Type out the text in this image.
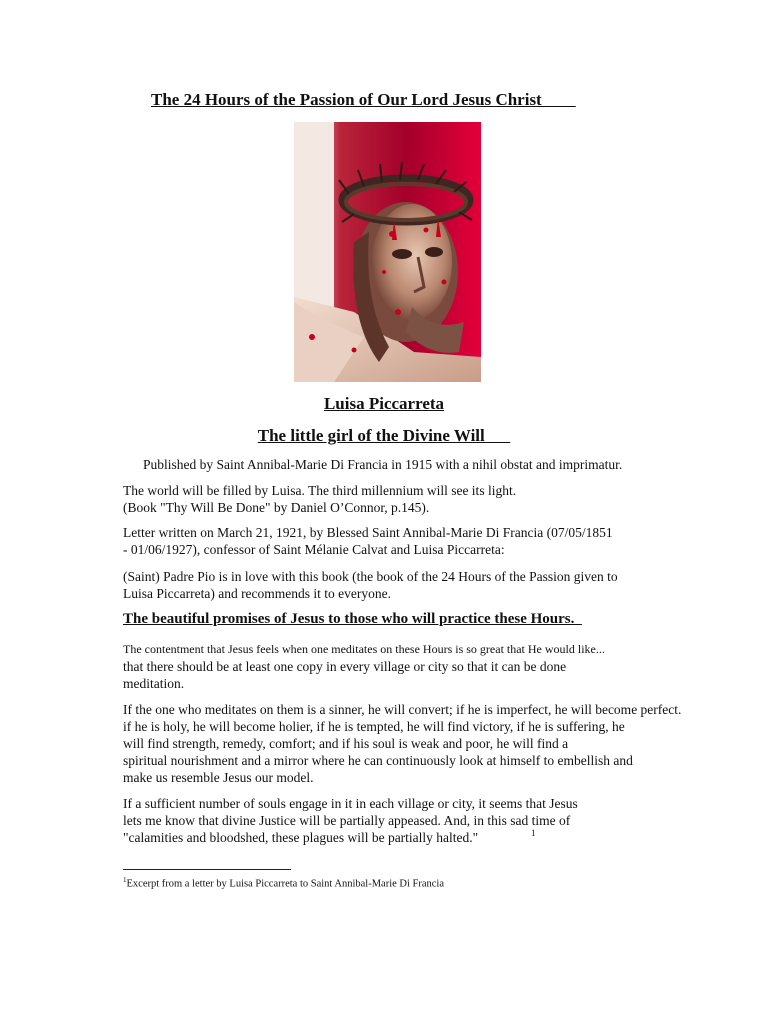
The 24 Hours of the Passion of Our Lord Jesus Christ
Luisa Piccarreta
The little girl of the Divine Will

Published by Saint Annibal-Marie Di Francia in 1915 with a nihil obstat and imprimatur.

The world will be filled by Luisa. The third millennium will see its light.
(Book "Thy Will Be Done" by Daniel O’Connor, p.145).

Letter written on March 21, 1921, by Blessed Saint Annibal-Marie Di Francia (07/05/1851
- 01/06/1927), confessor of Saint Mélanie Calvat and Luisa Piccarreta:

(Saint) Padre Pio is in love with this book (the book of the 24 Hours of the Passion given to
Luisa Piccarreta) and recommends it to everyone.

The beautiful promises of Jesus to those who will practice these Hours.

The contentment that Jesus feels when one meditates on these Hours is so great that He would like...
that there should be at least one copy in every village or city so that it can be done
meditation.

If the one who meditates on them is a sinner, he will convert; if he is imperfect, he will become perfect.
if he is holy, he will become holier, if he is tempted, he will find victory, if he is suffering, he
will find strength, remedy, comfort; and if his soul is weak and poor, he will find a
spiritual nourishment and a mirror where he can continuously look at himself to embellish and
make us resemble Jesus our model.

If a sufficient number of souls engage in it in each village or city, it seems that Jesus
lets me know that divine Justice will be partially appeased. And, in this sad time of
"calamities and bloodshed, these plagues will be partially halted."	1

$^1$Excerpt from a letter by Luisa Piccarreta to Saint Annibal-Marie Di Francia
